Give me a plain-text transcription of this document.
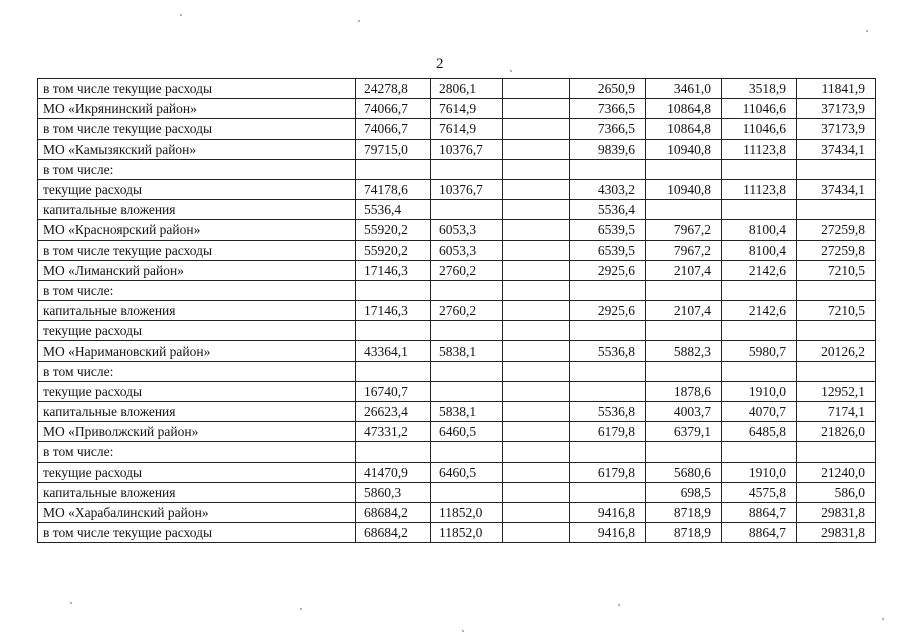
2
в том числе текущие расходы	24278,8	2806,1		2650,9	3461,0	3518,9	11841,9
МО «Икрянинский район»	74066,7	7614,9		7366,5	10864,8	11046,6	37173,9
в том числе текущие расходы	74066,7	7614,9		7366,5	10864,8	11046,6	37173,9
МО «Камызякский район»	79715,0	10376,7		9839,6	10940,8	11123,8	37434,1
в том числе:							
текущие расходы	74178,6	10376,7		4303,2	10940,8	11123,8	37434,1
капитальные вложения	5536,4			5536,4			
МО «Красноярский район»	55920,2	6053,3		6539,5	7967,2	8100,4	27259,8
в том числе текущие расходы	55920,2	6053,3		6539,5	7967,2	8100,4	27259,8
МО «Лиманский район»	17146,3	2760,2		2925,6	2107,4	2142,6	7210,5
в том числе:							
капитальные вложения	17146,3	2760,2		2925,6	2107,4	2142,6	7210,5
текущие расходы							
МО «Наримановский район»	43364,1	5838,1		5536,8	5882,3	5980,7	20126,2
в том числе:							
текущие расходы	16740,7				1878,6	1910,0	12952,1
капитальные вложения	26623,4	5838,1		5536,8	4003,7	4070,7	7174,1
МО «Приволжский район»	47331,2	6460,5		6179,8	6379,1	6485,8	21826,0
в том числе:							
текущие расходы	41470,9	6460,5		6179,8	5680,6	1910,0	21240,0
капитальные вложения	5860,3				698,5	4575,8	586,0
МО «Харабалинский район»	68684,2	11852,0		9416,8	8718,9	8864,7	29831,8
в том числе текущие расходы	68684,2	11852,0		9416,8	8718,9	8864,7	29831,8
